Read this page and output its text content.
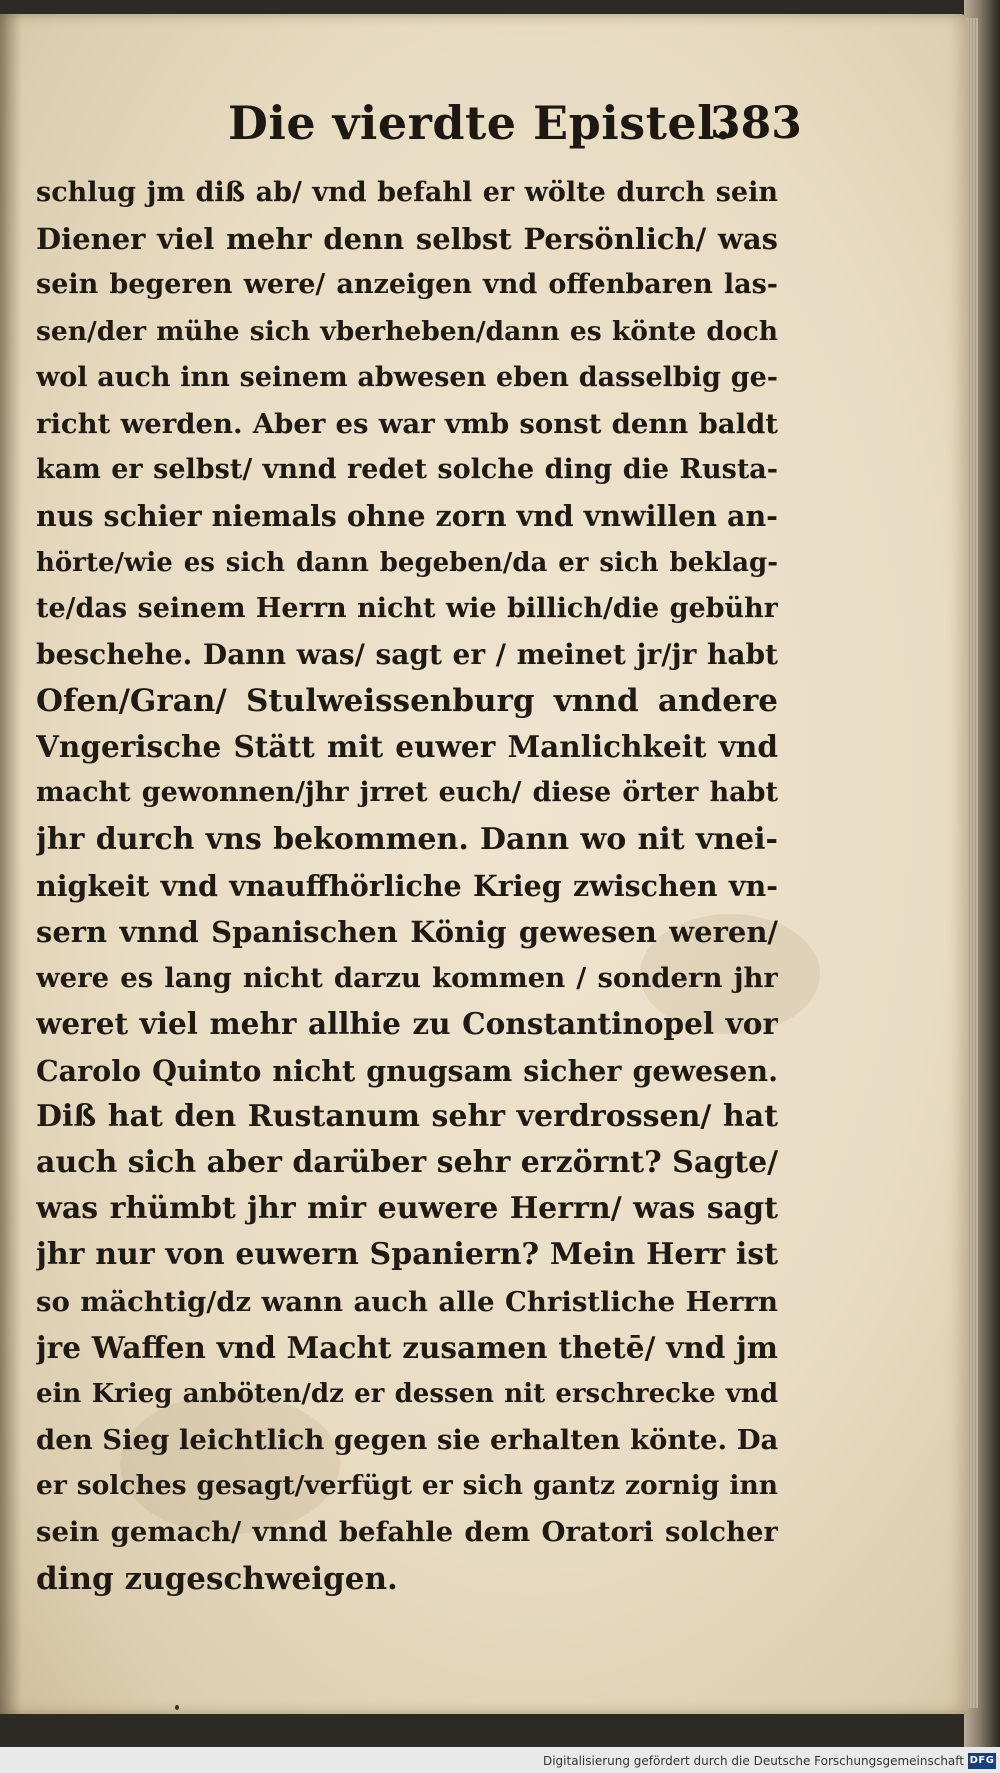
Die vierdte Epistel.
383
schlug jm diß ab/ vnd befahl er wölte durch sein
Diener viel mehr denn selbst Persönlich/ was
sein begeren were/ anzeigen vnd offenbaren las-
sen/der mühe sich vberheben/dann es könte doch
wol auch inn seinem abwesen eben dasselbig ge-
richt werden. Aber es war vmb sonst denn baldt
kam er selbst/ vnnd redet solche ding die Rusta-
nus schier niemals ohne zorn vnd vnwillen an-
hörte/wie es sich dann begeben/da er sich beklag-
te/das seinem Herrn nicht wie billich/die gebühr
beschehe. Dann was/ sagt er / meinet jr/jr habt
Ofen/Gran/ Stulweissenburg vnnd andere
Vngerische Stätt mit euwer Manlichkeit vnd
macht gewonnen/jhr jrret euch/ diese örter habt
jhr durch vns bekommen. Dann wo nit vnei-
nigkeit vnd vnauffhörliche Krieg zwischen vn-
sern vnnd Spanischen König gewesen weren/
were es lang nicht darzu kommen / sondern jhr
weret viel mehr allhie zu Constantinopel vor
Carolo Quinto nicht gnugsam sicher gewesen.
Diß hat den Rustanum sehr verdrossen/ hat
auch sich aber darüber sehr erzörnt? Sagte/
was rhümbt jhr mir euwere Herrn/ was sagt
jhr nur von euwern Spaniern? Mein Herr ist
so mächtig/dz wann auch alle Christliche Herrn
jre Waffen vnd Macht zusamen thetē/ vnd jm
ein Krieg anböten/dz er dessen nit erschrecke vnd
den Sieg leichtlich gegen sie erhalten könte. Da
er solches gesagt/verfügt er sich gantz zornig inn
sein gemach/ vnnd befahle dem Oratori solcher
ding zugeschweigen.
Digitalisierung gefördert durch die Deutsche Forschungsgemeinschaft DFG
